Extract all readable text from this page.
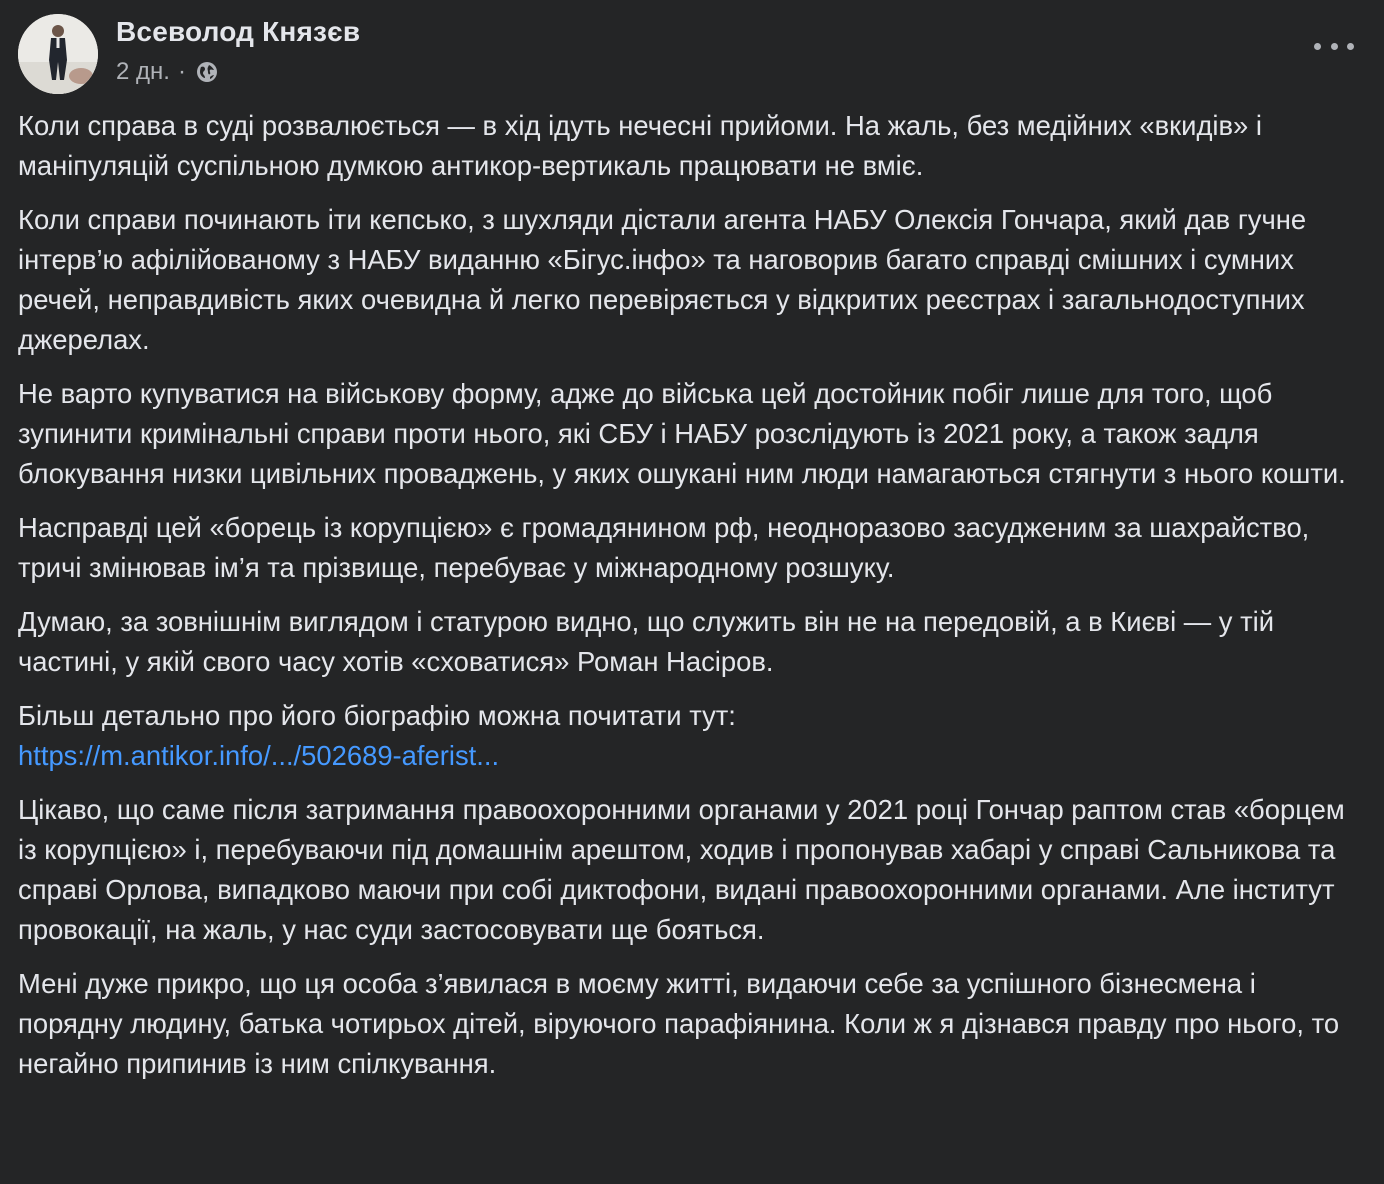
Всеволод Князєв
2 дн. ·

Коли справа в суді розвалюється — в хід ідуть нечесні прийоми. На жаль, без медійних «вкидів» і маніпуляцій суспільною думкою антикор-вертикаль працювати не вміє.

Коли справи починають іти кепсько, з шухляди дістали агента НАБУ Олексія Гончара, який дав гучне інтерв’ю афілійованому з НАБУ виданню «Бігус.інфо» та наговорив багато справді смішних і сумних речей, неправдивість яких очевидна й легко перевіряється у відкритих реєстрах і загальнодоступних джерелах.

Не варто купуватися на військову форму, адже до війська цей достойник побіг лише для того, щоб зупинити кримінальні справи проти нього, які СБУ і НАБУ розслідують із 2021 року, а також задля блокування низки цивільних проваджень, у яких ошукані ним люди намагаються стягнути з нього кошти.

Насправді цей «борець із корупцією» є громадянином рф, неодноразово засудженим за шахрайство, тричі змінював ім’я та прізвище, перебуває у міжнародному розшуку.

Думаю, за зовнішнім виглядом і статурою видно, що служить він не на передовій, а в Києві — у тій частині, у якій свого часу хотів «сховатися» Роман Насіров.

Більш детально про його біографію можна почитати тут:
https://m.antikor.info/.../502689-aferist...

Цікаво, що саме після затримання правоохоронними органами у 2021 році Гончар раптом став «борцем із корупцією» і, перебуваючи під домашнім арештом, ходив і пропонував хабарі у справі Сальникова та справі Орлова, випадково маючи при собі диктофони, видані правоохоронними органами. Але інститут провокації, на жаль, у нас суди застосовувати ще бояться.

Мені дуже прикро, що ця особа з’явилася в моєму житті, видаючи себе за успішного бізнесмена і порядну людину, батька чотирьох дітей, віруючого парафіянина. Коли ж я дізнався правду про нього, то негайно припинив із ним спілкування.
